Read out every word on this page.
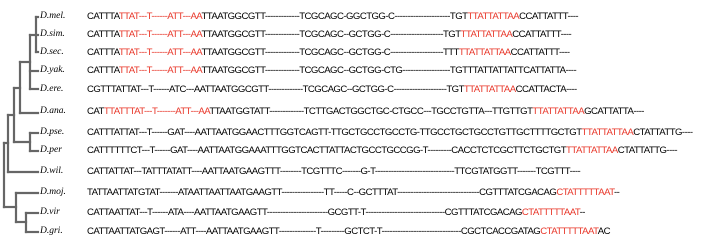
D.mel. CATTTATTAT---T------ATT---AATTAATGGCGTT-------------TCGCAGC-GGCTGG-C---------------------TGTTTATTATTAACCATTATTT----
D.sim. CATTTATTAT---T------ATT---AATTAATGGCGTT-------------TCGCAGC--GCTGG-C--------------------TGTTTATTATTAACCATTATTT----
D.sec. CATTTATTAT---T------ATT---AATTAATGGCGTT-------------TCGCAGC--GCTGG-C--------------------TTTTTATTATTAACCATTATTT----
D.yak. CATTTATTAT---T------ATT---AATTAATGGCGTT-------------TCGCAGC--GCTGG-CTG------------------TGTTTATTATTATTCATTATTA----
D.ere. CGTTTATTAT---T------ATC---AATTAATGGCGTT-------------TCGCAGC--GCTGG-C--------------------TGTTTATTATTAACCATTACTA----
D.ana. CATTTATTTAT---T-------ATT---AATTAATGGTATT-------------TCTTGACTGGCTGC-CTGCC---TGCCTGTTA---TTGTTGTTTATTATTAAGCATTATTA----
D.pse. CATTTATTAT---T------GAT----AATTAATGGAACTTTGGTCAGTT-TTGCTGCCTGCCTG-TTGCCTGCTGCCTGTTGCTTTTGCTGTTTATTATTAACTATTATTG----
D.per	CATTTTTTCT---T------GAT----AATTAATGGAAATTTGGTCACTTATTACTGCCTGCCGG-T---------CACCTCTCGCTTCTGCTGTTTATTATTAACTATTATTG----
D.wil. CATTATTAT---TATTTATATT----AATTAATGAAGTTT--------TCGTTTC-------G-T------------------------------TTCGTATGGTT-------TCGTTT----
D.moj. TATTAATTATGTAT-------ATAATTAATTAATGAAGTT----------------TT-----C--GCTTTAT-------------------------------CGTTTATCGACAGCTATTTTTAAT--
D.vir	CATTAATTAT---T------ATA----AATTAATGAAGTT-----------------------GCGTT-T------------------------------CGTTTATCGACAGCTATTTTTAAT--
D.gri.	CATTAATTATGAGT------ATT----AATTAATGAAGTT--------------T---------GCTCT-T------------------------------CGCTCACCGATAGCTATTTTTAATAC
